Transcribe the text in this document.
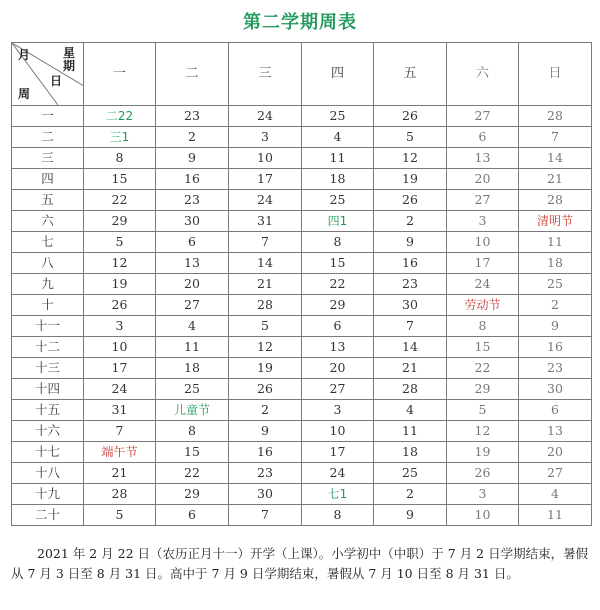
第二学期周表
月 星期
日
周	一	二	三	四	五	六	日
一	二22	23	24	25	26	27	28
二	三1	2	3	4	5	6	7
三	8	9	10	11	12	13	14
四	15	16	17	18	19	20	21
五	22	23	24	25	26	27	28
六	29	30	31	四1	2	3	清明节
七	5	6	7	8	9	10	11
八	12	13	14	15	16	17	18
九	19	20	21	22	23	24	25
十	26	27	28	29	30	劳动节	2
十一	3	4	5	6	7	8	9
十二	10	11	12	13	14	15	16
十三	17	18	19	20	21	22	23
十四	24	25	26	27	28	29	30
十五	31	儿童节	2	3	4	5	6
十六	7	8	9	10	11	12	13
十七	端午节	15	16	17	18	19	20
十八	21	22	23	24	25	26	27
十九	28	29	30	七1	2	3	4
二十	5	6	7	8	9	10	11
2021 年 2 月 22 日（农历正月十一）开学（上课）。小学初中（中职）于 7 月 2 日学期结束，暑假从 7 月 3 日至 8 月 31 日。高中于 7 月 9 日学期结束，暑假从 7 月 10 日至 8 月 31 日。
